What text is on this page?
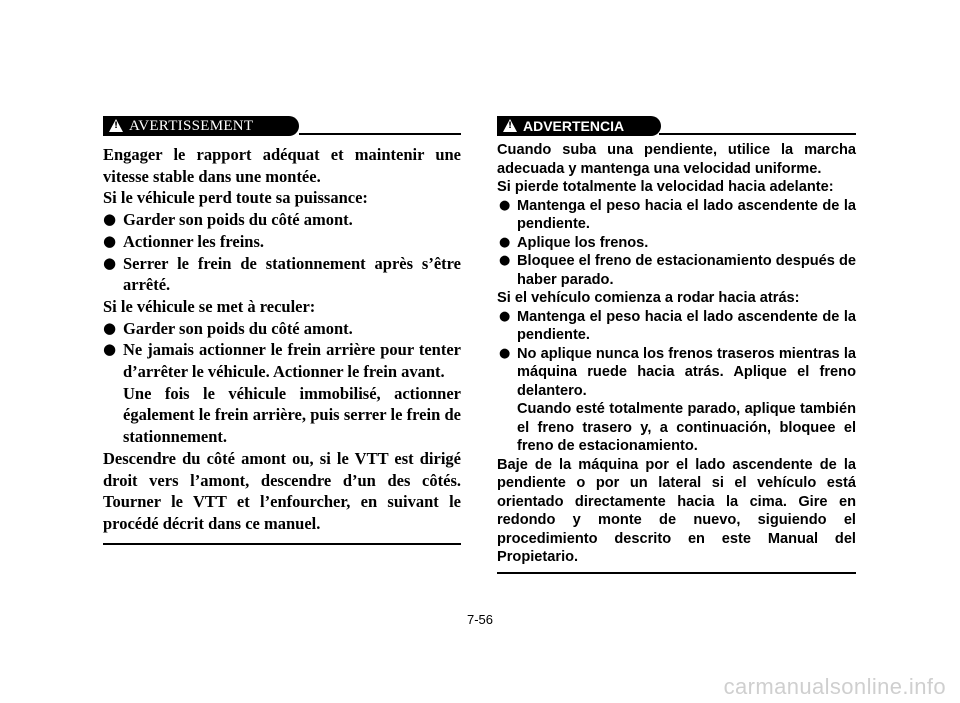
!
AVERTISSEMENT

Engager le rapport adéquat et maintenir une vitesse stable dans une montée.

Si le véhicule perd toute sa puissance:

● Garder son poids du côté amont.

● Actionner les freins.

● Serrer le frein de stationnement après s’être arrêté.

Si le véhicule se met à reculer:

● Garder son poids du côté amont.

● Ne jamais actionner le frein arrière pour tenter d’arrêter le véhicule. Actionner le frein avant.

Une fois le véhicule immobilisé, actionner également le frein arrière, puis serrer le frein de stationnement.

Descendre du côté amont ou, si le VTT est dirigé droit vers l’amont, descendre d’un des côtés. Tourner le VTT et l’enfourcher, en suivant le procédé décrit dans ce manuel.

!
ADVERTENCIA

Cuando suba una pendiente, utilice la marcha adecuada y mantenga una velocidad uniforme.

Si pierde totalmente la velocidad hacia adelante:

● Mantenga el peso hacia el lado ascendente de la pendiente.

● Aplique los frenos.

● Bloquee el freno de estacionamiento después de haber parado.

Si el vehículo comienza a rodar hacia atrás:

● Mantenga el peso hacia el lado ascendente de la pendiente.

● No aplique nunca los frenos traseros mientras la máquina ruede hacia atrás. Aplique el freno delantero.

Cuando esté totalmente parado, aplique también el freno trasero y, a continuación, bloquee el freno de estacionamiento.

Baje de la máquina por el lado ascendente de la pendiente o por un lateral si el vehículo está orientado directamente hacia la cima. Gire en redondo y monte de nuevo, siguiendo el procedimiento descrito en este Manual del Propietario.

7-56
carmanualsonline.info
